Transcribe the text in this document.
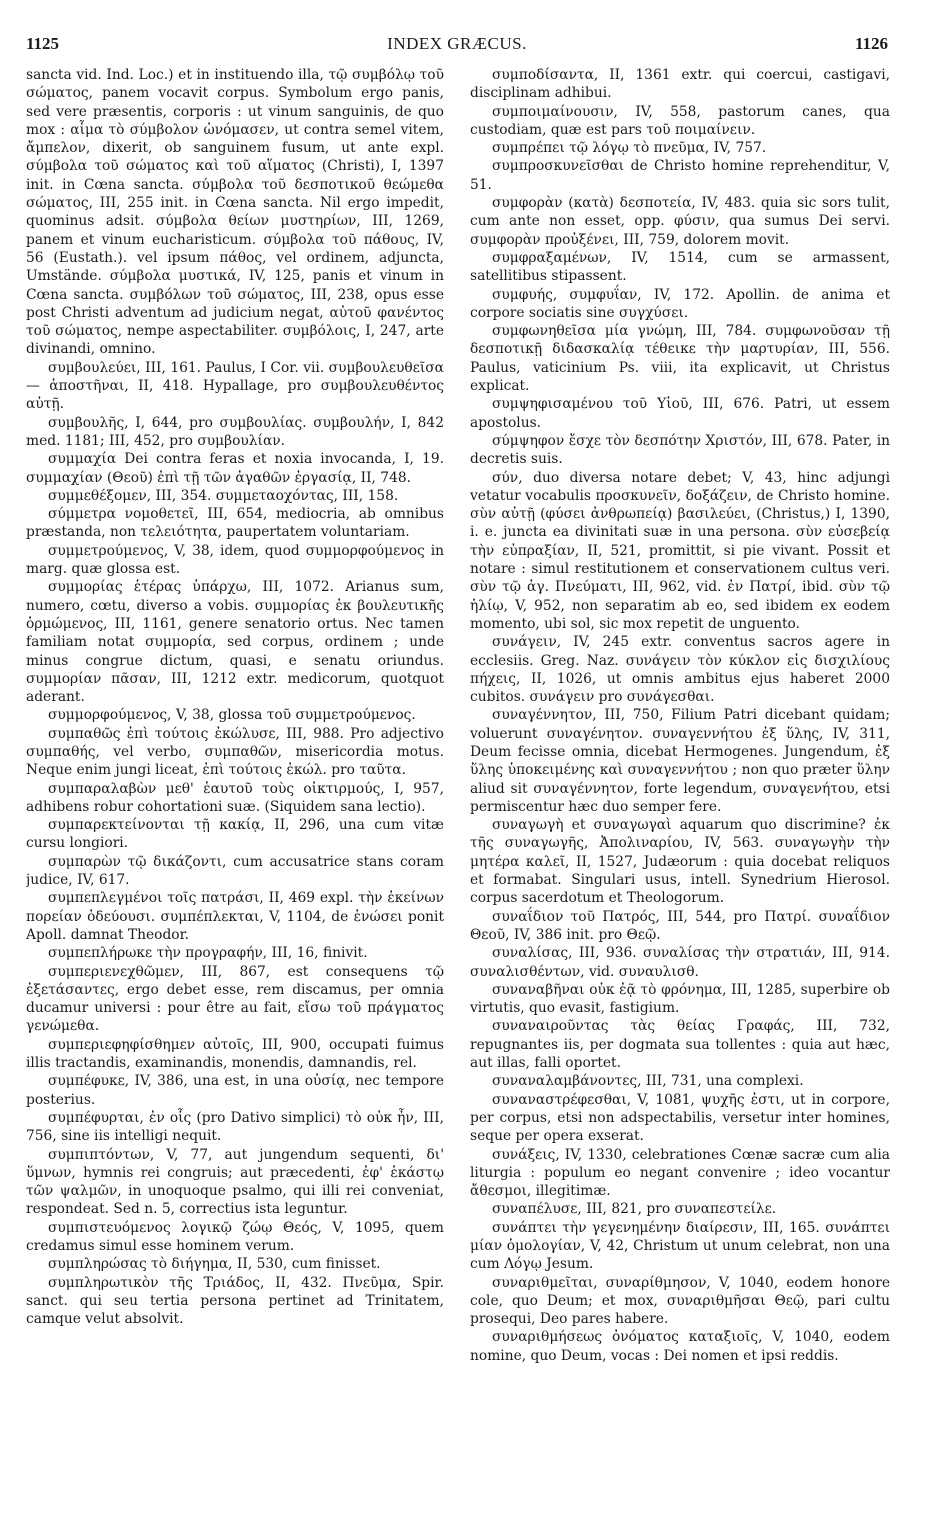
1125	INDEX GRÆCUS.	1126

sancta vid. Ind. Loc.) et in instituendo illa, τῷ συμβόλῳ τοῦ σώματος, panem vocavit corpus. Symbolum ergo panis, sed vere præsentis, corporis : ut vinum sanguinis, de quo mox : αἷμα τὸ σύμβολον ὠνόμασεν, ut contra semel vitem, ἄμπελον, dixerit, ob sanguinem fusum, ut ante expl. σύμβολα τοῦ σώματος καὶ τοῦ αἵματος (Christi), I, 1397 init. in Cœna sancta. σύμβολα τοῦ δεσποτικοῦ θεώμεθα σώματος, III, 255 init. in Cœna sancta. Nil ergo impedit, quominus adsit. σύμβολα θείων μυστηρίων, III, 1269, panem et vinum eucharisticum. σύμβολα τοῦ πάθους, IV, 56 (Eustath.). vel ipsum πάθος, vel ordinem, adjuncta, Umstände. σύμβολα μυστικά, IV, 125, panis et vinum in Cœna sancta. συμβόλων τοῦ σώματος, III, 238, opus esse post Christi adventum ad judicium negat, αὐτοῦ φανέντος τοῦ σώματος, nempe aspectabiliter. συμβόλοις, I, 247, arte divinandi, omnino.

συμβουλεύει, III, 161. Paulus, I Cor. vii. συμβουλευθεῖσα — ἀποστῆναι, II, 418. Hypallage, pro συμβουλευθέντος αὐτῇ.

συμβουλῆς, I, 644, pro συμβουλίας. συμβουλήν, I, 842 med. 1181; III, 452, pro συμβουλίαν.

συμμαχία Dei contra feras et noxia invocanda, I, 19. συμμαχίαν (Θεοῦ) ἐπὶ τῇ τῶν ἀγαθῶν ἐργασίᾳ, II, 748.

συμμεθέξομεν, III, 354. συμμεταοχόντας, III, 158.

σύμμετρα νομοθετεῖ, III, 654, mediocria, ab omnibus præstanda, non τελειότητα, paupertatem voluntariam.

συμμετρούμενος, V, 38, idem, quod συμμορφούμενος in marg. quæ glossa est.

συμμορίας ἑτέρας ὑπάρχω, III, 1072. Arianus sum, numero, cœtu, diverso a vobis. συμμορίας ἐκ βουλευτικῆς ὁρμώμενος, III, 1161, genere senatorio ortus. Nec tamen familiam notat συμμορία, sed corpus, ordinem ; unde minus congrue dictum, quasi, e senatu oriundus. συμμορίαν πᾶσαν, III, 1212 extr. medicorum, quotquot aderant.

συμμορφούμενος, V, 38, glossa τοῦ συμμετρούμενος.

συμπαθῶς ἐπὶ τούτοις ἐκώλυσε, III, 988. Pro adjectivo συμπαθής, vel verbo, συμπαθῶν, misericordia motus. Neque enim jungi liceat, ἐπὶ τούτοις ἐκώλ. pro ταῦτα.

συμπαραλαβὼν μεθ' ἑαυτοῦ τοὺς οἰκτιρμούς, I, 957, adhibens robur cohortationi suæ. (Siquidem sana lectio).

συμπαρεκτείνονται τῇ κακίᾳ, II, 296, una cum vitæ cursu longiori.

συμπαρὼν τῷ δικάζοντι, cum accusatrice stans coram judice, IV, 617.

συμπεπλεγμένοι τοῖς πατράσι, II, 469 expl. τὴν ἐκείνων πορείαν ὁδεύουσι. συμπέπλεκται, V, 1104, de ἑνώσει ponit Apoll. damnat Theodor.

συμπεπλήρωκε τὴν προγραφήν, III, 16, finivit.

συμπεριενεχθῶμεν, III, 867, est consequens τῷ ἐξετάσαντες, ergo debet esse, rem discamus, per omnia ducamur universi : pour être au fait, εἴσω τοῦ πράγματος γενώμεθα.

συμπεριεφηφίσθημεν αὐτοῖς, III, 900, occupati fuimus illis tractandis, examinandis, monendis, damnandis, rel.

συμπέφυκε, IV, 386, una est, in una οὐσίᾳ, nec tempore posterius.

συμπέφυρται, ἐν οἷς (pro Dativo simplici) τὸ οὐκ ἦν, III, 756, sine iis intelligi nequit.

συμπιπτόντων, V, 77, aut jungendum sequenti, δι' ὕμνων, hymnis rei congruis; aut præcedenti, ἐφ' ἑκάστῳ τῶν ψαλμῶν, in unoquoque psalmo, qui illi rei conveniat, respondeat. Sed n. 5, correctius ista leguntur.

συμπιστευόμενος λογικῷ ζώῳ Θεός, V, 1095, quem credamus simul esse hominem verum.

συμπληρώσας τὸ διήγημα, II, 530, cum finisset.

συμπληρωτικὸν τῆς Τριάδος, II, 432. Πνεῦμα, Spir. sanct. qui seu tertia persona pertinet ad Trinitatem, camque velut absolvit.

συμποδίσαντα, II, 1361 extr. qui coercui, castigavi, disciplinam adhibui.

συμποιμαίνουσιν, IV, 558, pastorum canes, qua custodiam, quæ est pars τοῦ ποιμαίνειν.

συμπρέπει τῷ λόγῳ τὸ πνεῦμα, IV, 757.

συμπροσκυνεῖσθαι de Christo homine reprehenditur, V, 51.

συμφορὰν (κατὰ) δεσποτεία, IV, 483. quia sic sors tulit, cum ante non esset, opp. φύσιν, qua sumus Dei servi. συμφορὰν προὐξένει, III, 759, dolorem movit.

συμφραξαμένων, IV, 1514, cum se armassent, satellitibus stipassent.

συμφυής, συμφυΐαν, IV, 172. Apollin. de anima et corpore sociatis sine συγχύσει.

συμφωνηθεῖσα μία γνώμη, III, 784. συμφωνοῦσαν τῇ δεσποτικῇ διδασκαλίᾳ τέθεικε τὴν μαρτυρίαν, III, 556. Paulus, vaticinium Ps. viii, ita explicavit, ut Christus explicat.

συμψηφισαμένου τοῦ Υἱοῦ, III, 676. Patri, ut essem apostolus.

σύμψηφον ἔσχε τὸν δεσπότην Χριστόν, III, 678. Pater, in decretis suis.

σύν, duo diversa notare debet; V, 43, hinc adjungi vetatur vocabulis προσκυνεῖν, δοξάζειν, de Christo homine. σὺν αὐτῇ (φύσει ἀνθρωπείᾳ) βασιλεύει, (Christus,) I, 1390, i. e. juncta ea divinitati suæ in una persona. σὺν εὐσεβείᾳ τὴν εὐπραξίαν, II, 521, promittit, si pie vivant. Possit et notare : simul restitutionem et conservationem cultus veri. σὺν τῷ ἁγ. Πνεύματι, III, 962, vid. ἐν Πατρί, ibid. σὺν τῷ ἡλίῳ, V, 952, non separatim ab eo, sed ibidem ex eodem momento, ubi sol, sic mox repetit de unguento.

συνάγειν, IV, 245 extr. conventus sacros agere in ecclesiis. Greg. Naz. συνάγειν τὸν κύκλον εἰς δισχιλίους πήχεις, II, 1026, ut omnis ambitus ejus haberet 2000 cubitos. συνάγειν pro συνάγεσθαι.

συναγέννητον, III, 750, Filium Patri dicebant quidam; voluerunt συναγένητον. συναγεννήτου ἐξ ὕλης, IV, 311, Deum fecisse omnia, dicebat Hermogenes. Jungendum, ἐξ ὕλης ὑποκειμένης καὶ συναγεννήτου ; non quo præter ὕλην aliud sit συναγέννητον, forte legendum, συναγενήτου, etsi permiscentur hæc duo semper fere.

συναγωγὴ et συναγωγαὶ aquarum quo discrimine? ἐκ τῆς συναγωγῆς, Ἀπολιναρίου, IV, 563. συναγωγὴν τὴν μητέρα καλεῖ, II, 1527, Judæorum : quia docebat reliquos et formabat. Singulari usus, intell. Synedrium Hierosol. corpus sacerdotum et Theologorum.

συναΐδιον τοῦ Πατρός, III, 544, pro Πατρί. συναΐδιον Θεοῦ, IV, 386 init. pro Θεῷ.

συναλίσας, III, 936. συναλίσας τὴν στρατιάν, III, 914. συναλισθέντων, vid. συναυλισθ.

συναναβῆναι οὐκ ἐᾷ τὸ φρόνημα, III, 1285, superbire ob virtutis, quo evasit, fastigium.

συναναιροῦντας τὰς θείας Γραφάς, III, 732, repugnantes iis, per dogmata sua tollentes : quia aut hæc, aut illas, falli oportet.

συναναλαμβάνοντες, III, 731, una complexi.

συναναστρέφεσθαι, V, 1081, ψυχῆς ἐστι, ut in corpore, per corpus, etsi non adspectabilis, versetur inter homines, seque per opera exserat.

συνάξεις, IV, 1330, celebrationes Cœnæ sacræ cum alia liturgia : populum eo negant convenire ; ideo vocantur ἄθεσμοι, illegitimæ.

συναπέλυσε, III, 821, pro συναπεστείλε.

συνάπτει τὴν γεγενημένην διαίρεσιν, III, 165. συνάπτει μίαν ὁμολογίαν, V, 42, Christum ut unum celebrat, non una cum Λόγῳ Jesum.

συναριθμεῖται, συναρίθμησον, V, 1040, eodem honore cole, quo Deum; et mox, συναριθμῆσαι Θεῷ, pari cultu prosequi, Deo pares habere.

συναριθμήσεως ὀνόματος καταξιοῖς, V, 1040, eodem nomine, quo Deum, vocas : Dei nomen et ipsi reddis.
